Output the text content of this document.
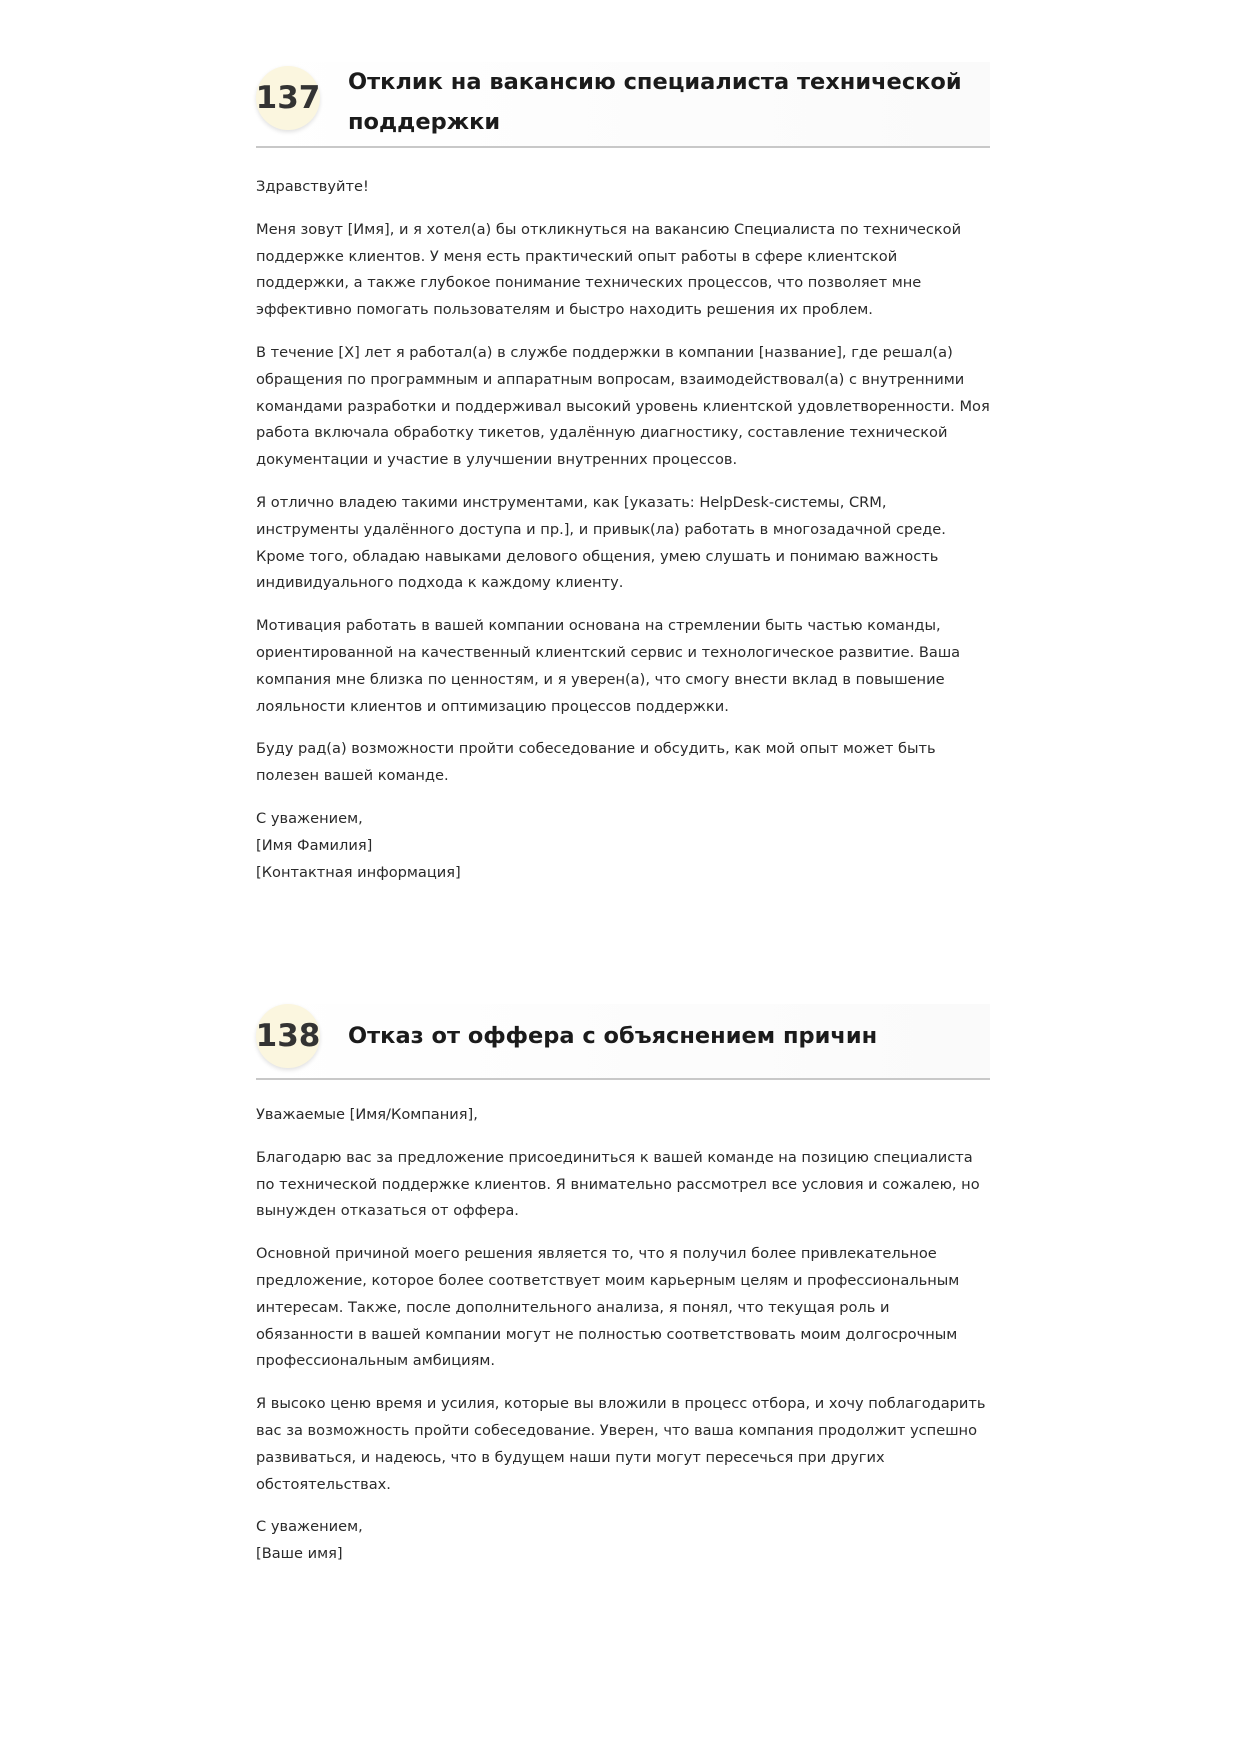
137	Отклик на вакансию специалиста технической поддержки

Здравствуйте!

Меня зовут [Имя], и я хотел(а) бы откликнуться на вакансию Специалиста по технической поддержке клиентов. У меня есть практический опыт работы в сфере клиентской поддержки, а также глубокое понимание технических процессов, что позволяет мне эффективно помогать пользователям и быстро находить решения их проблем.

В течение [X] лет я работал(а) в службе поддержки в компании [название], где решал(а) обращения по программным и аппаратным вопросам, взаимодействовал(а) с внутренними командами разработки и поддерживал высокий уровень клиентской удовлетворенности. Моя работа включала обработку тикетов, удалённую диагностику, составление технической документации и участие в улучшении внутренних процессов.

Я отлично владею такими инструментами, как [указать: HelpDesk-системы, CRM, инструменты удалённого доступа и пр.], и привык(ла) работать в многозадачной среде. Кроме того, обладаю навыками делового общения, умею слушать и понимаю важность индивидуального подхода к каждому клиенту.

Мотивация работать в вашей компании основана на стремлении быть частью команды, ориентированной на качественный клиентский сервис и технологическое развитие. Ваша компания мне близка по ценностям, и я уверен(а), что смогу внести вклад в повышение лояльности клиентов и оптимизацию процессов поддержки.

Буду рад(а) возможности пройти собеседование и обсудить, как мой опыт может быть полезен вашей команде.

С уважением,
[Имя Фамилия]
[Контактная информация]

138	Отказ от оффера с объяснением причин

Уважаемые [Имя/Компания],

Благодарю вас за предложение присоединиться к вашей команде на позицию специалиста по технической поддержке клиентов. Я внимательно рассмотрел все условия и сожалею, но вынужден отказаться от оффера.

Основной причиной моего решения является то, что я получил более привлекательное предложение, которое более соответствует моим карьерным целям и профессиональным интересам. Также, после дополнительного анализа, я понял, что текущая роль и обязанности в вашей компании могут не полностью соответствовать моим долгосрочным профессиональным амбициям.

Я высоко ценю время и усилия, которые вы вложили в процесс отбора, и хочу поблагодарить вас за возможность пройти собеседование. Уверен, что ваша компания продолжит успешно развиваться, и надеюсь, что в будущем наши пути могут пересечься при других обстоятельствах.

С уважением,
[Ваше имя]
